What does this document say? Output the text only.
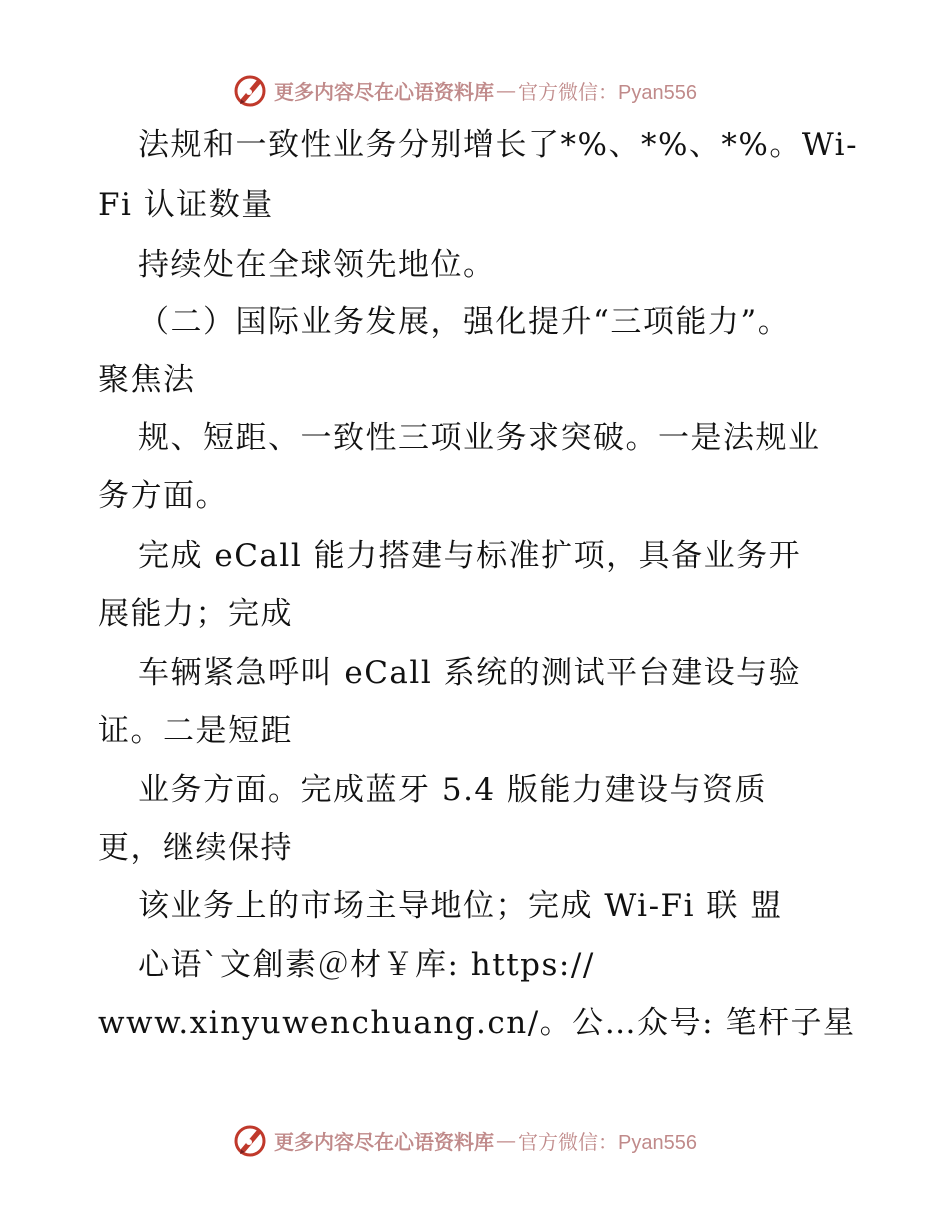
更多内容尽在心语资料库 — 官方微信：Pyan556
法规和一致性业务分别增长了*%、*%、*%。Wi-
Fi 认证数量
持续处在全球领先地位。
（二）国际业务发展，强化提升“三项能力”。
聚焦法
规、短距、一致性三项业务求突破。一是法规业
务方面。
完成 eCall 能力搭建与标准扩项，具备业务开
展能力；完成
车辆紧急呼叫 eCall 系统的测试平台建设与验
证。二是短距
业务方面。完成蓝牙 5.4 版能力建设与资质
更，继续保持
该业务上的市场主导地位；完成 Wi-Fi 联 盟
心语`文創素＠材￥库: https://
www.xinyuwenchuang.cn/。公…众号: 笔杆子星
更多内容尽在心语资料库 — 官方微信：Pyan556
